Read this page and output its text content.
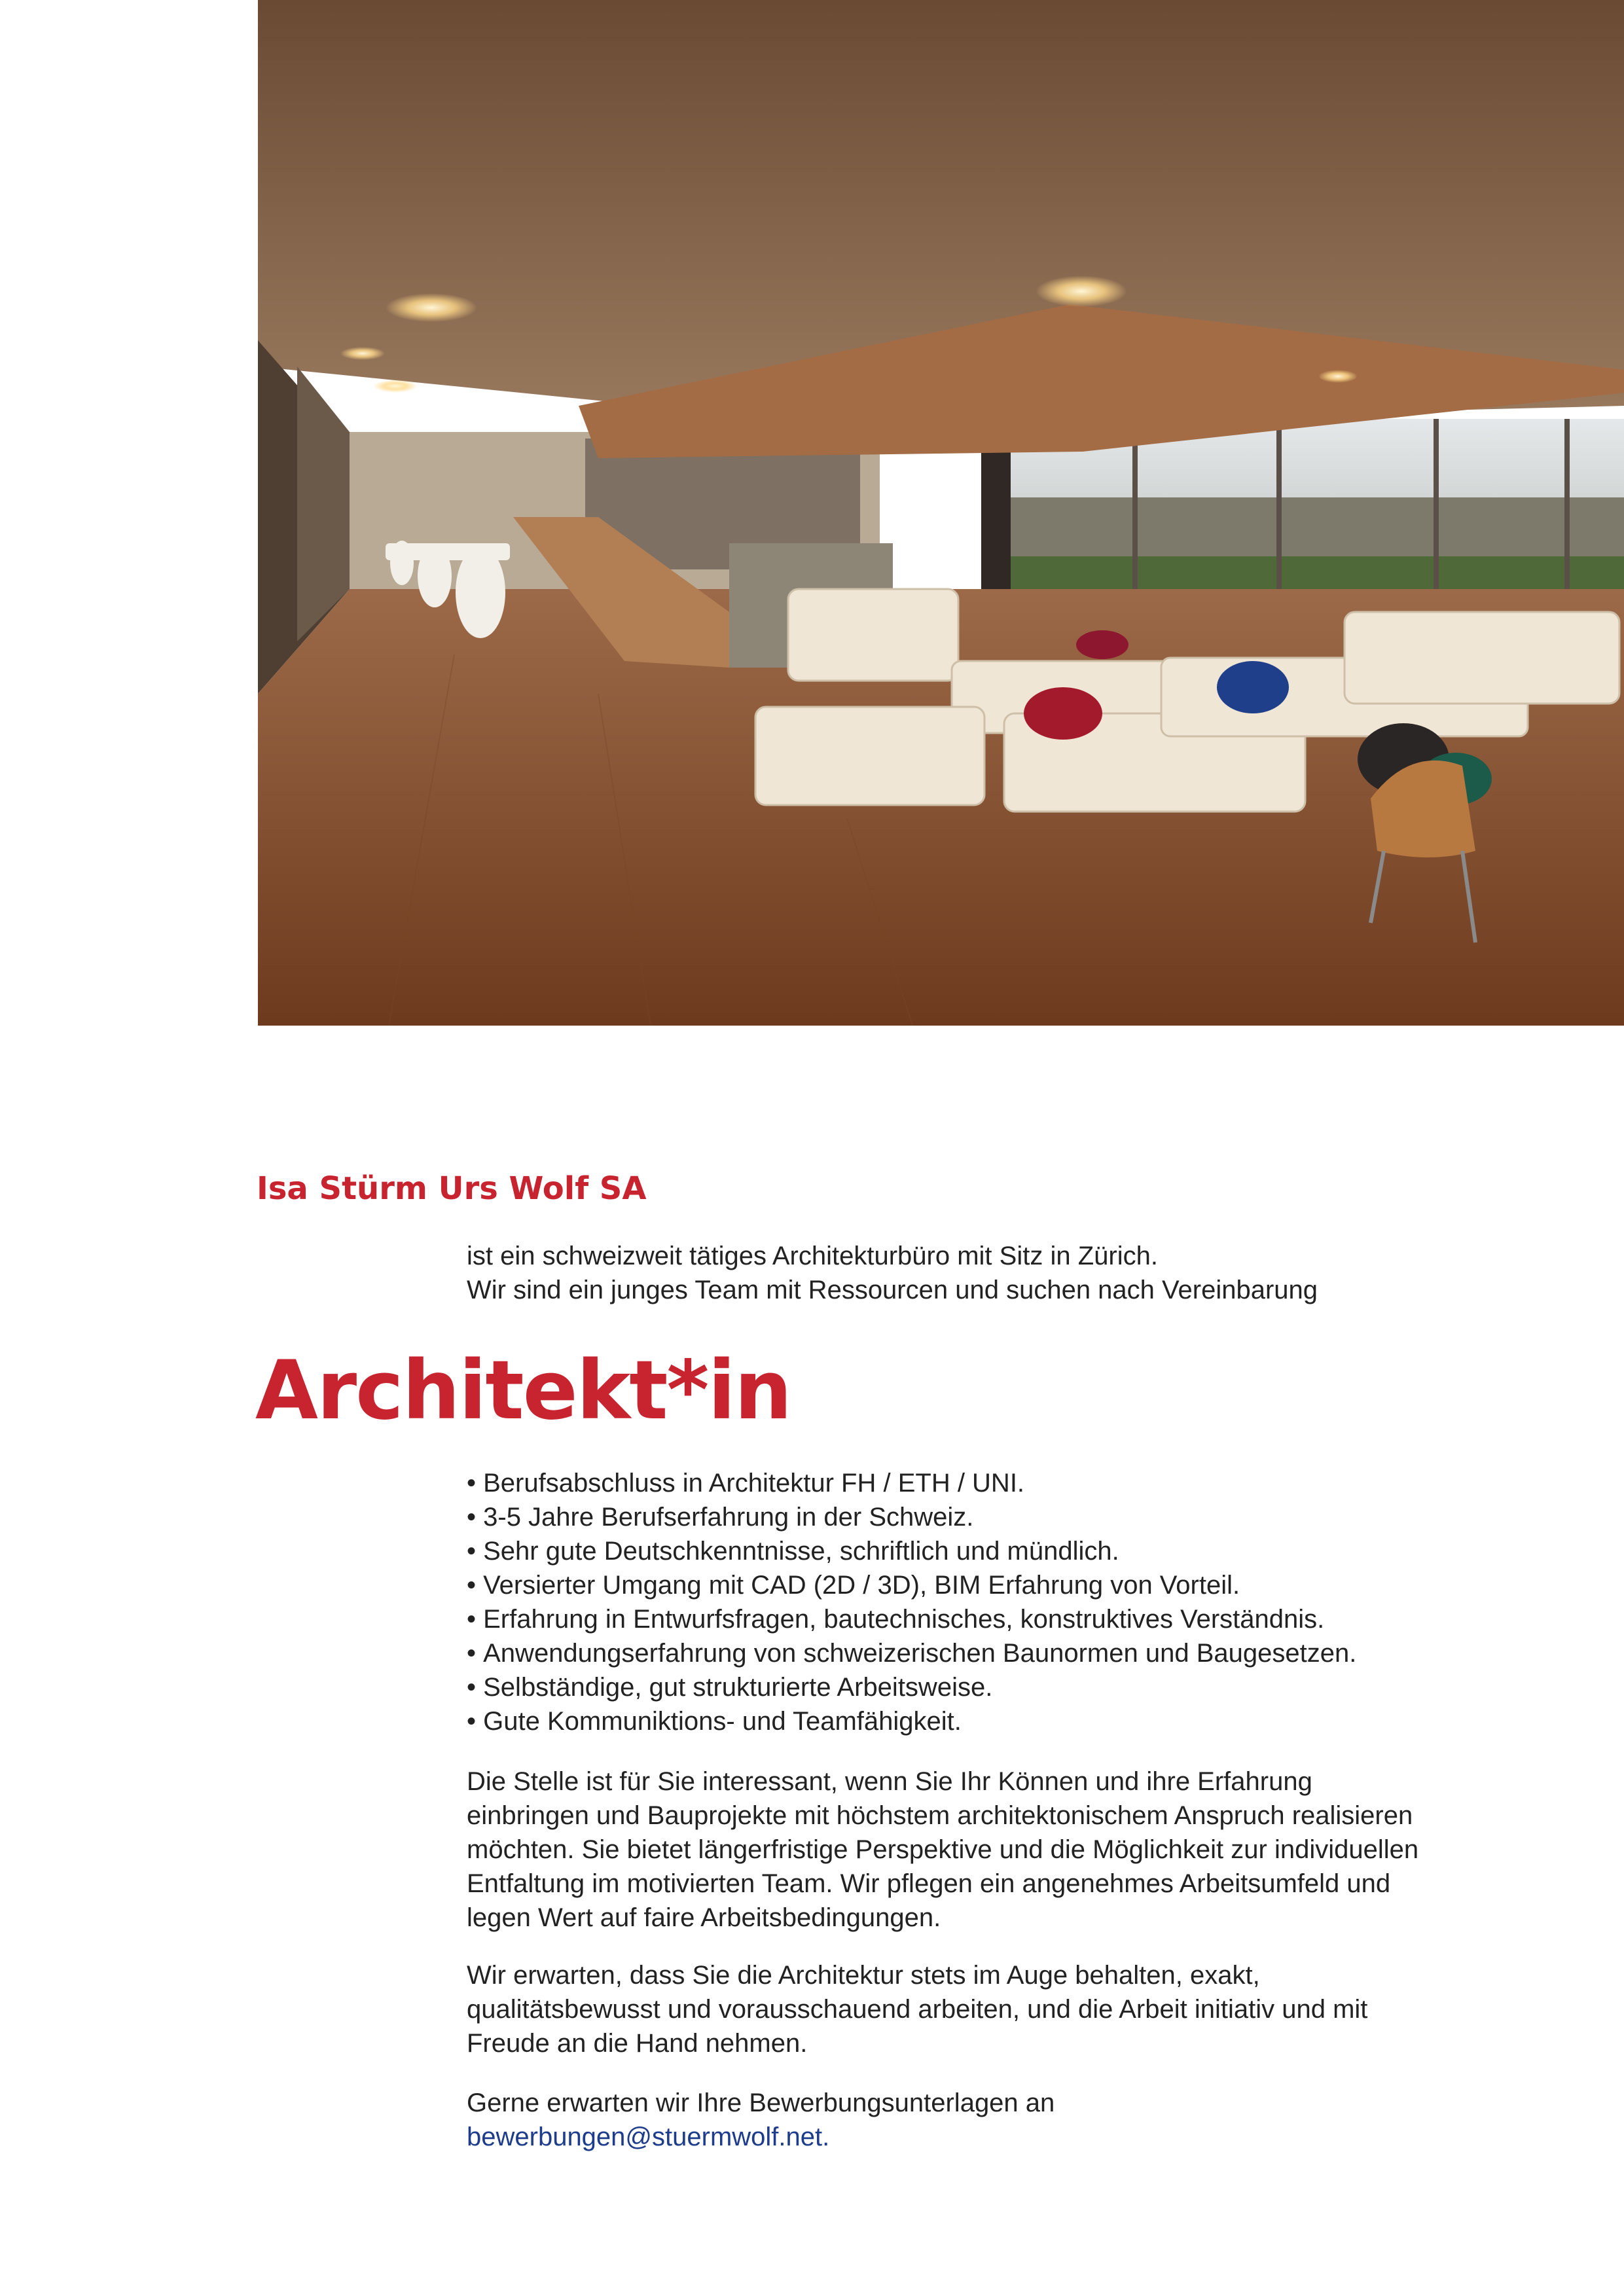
Isa Stürm Urs Wolf SA

ist ein schweizweit tätiges Architekturbüro mit Sitz in Zürich.
Wir sind ein junges Team mit Ressourcen und suchen nach Vereinbarung

Architekt*in
• Berufsabschluss in Architektur FH / ETH / UNI.
• 3-5 Jahre Berufserfahrung in der Schweiz.
• Sehr gute Deutschkenntnisse, schriftlich und mündlich.
• Versierter Umgang mit CAD (2D / 3D), BIM Erfahrung von Vorteil.
• Erfahrung in Entwurfsfragen, bautechnisches, konstruktives Verständnis.
• Anwendungserfahrung von schweizerischen Baunormen und Baugesetzen.
• Selbständige, gut strukturierte Arbeitsweise.
• Gute Kommuniktions- und Teamfähigkeit.

Die Stelle ist für Sie interessant, wenn Sie Ihr Können und ihre Erfahrung einbringen und Bauprojekte mit höchstem architektonischem Anspruch realisieren möchten. Sie bietet längerfristige Perspektive und die Möglichkeit zur individuellen Entfaltung im motivierten Team. Wir pflegen ein angenehmes Arbeitsumfeld und legen Wert auf faire Arbeitsbedingungen.

Wir erwarten, dass Sie die Architektur stets im Auge behalten, exakt, qualitätsbewusst und vorausschauend arbeiten, und die Arbeit initiativ und mit Freude an die Hand nehmen.

Gerne erwarten wir Ihre Bewerbungsunterlagen an
bewerbungen@stuermwolf.net.
